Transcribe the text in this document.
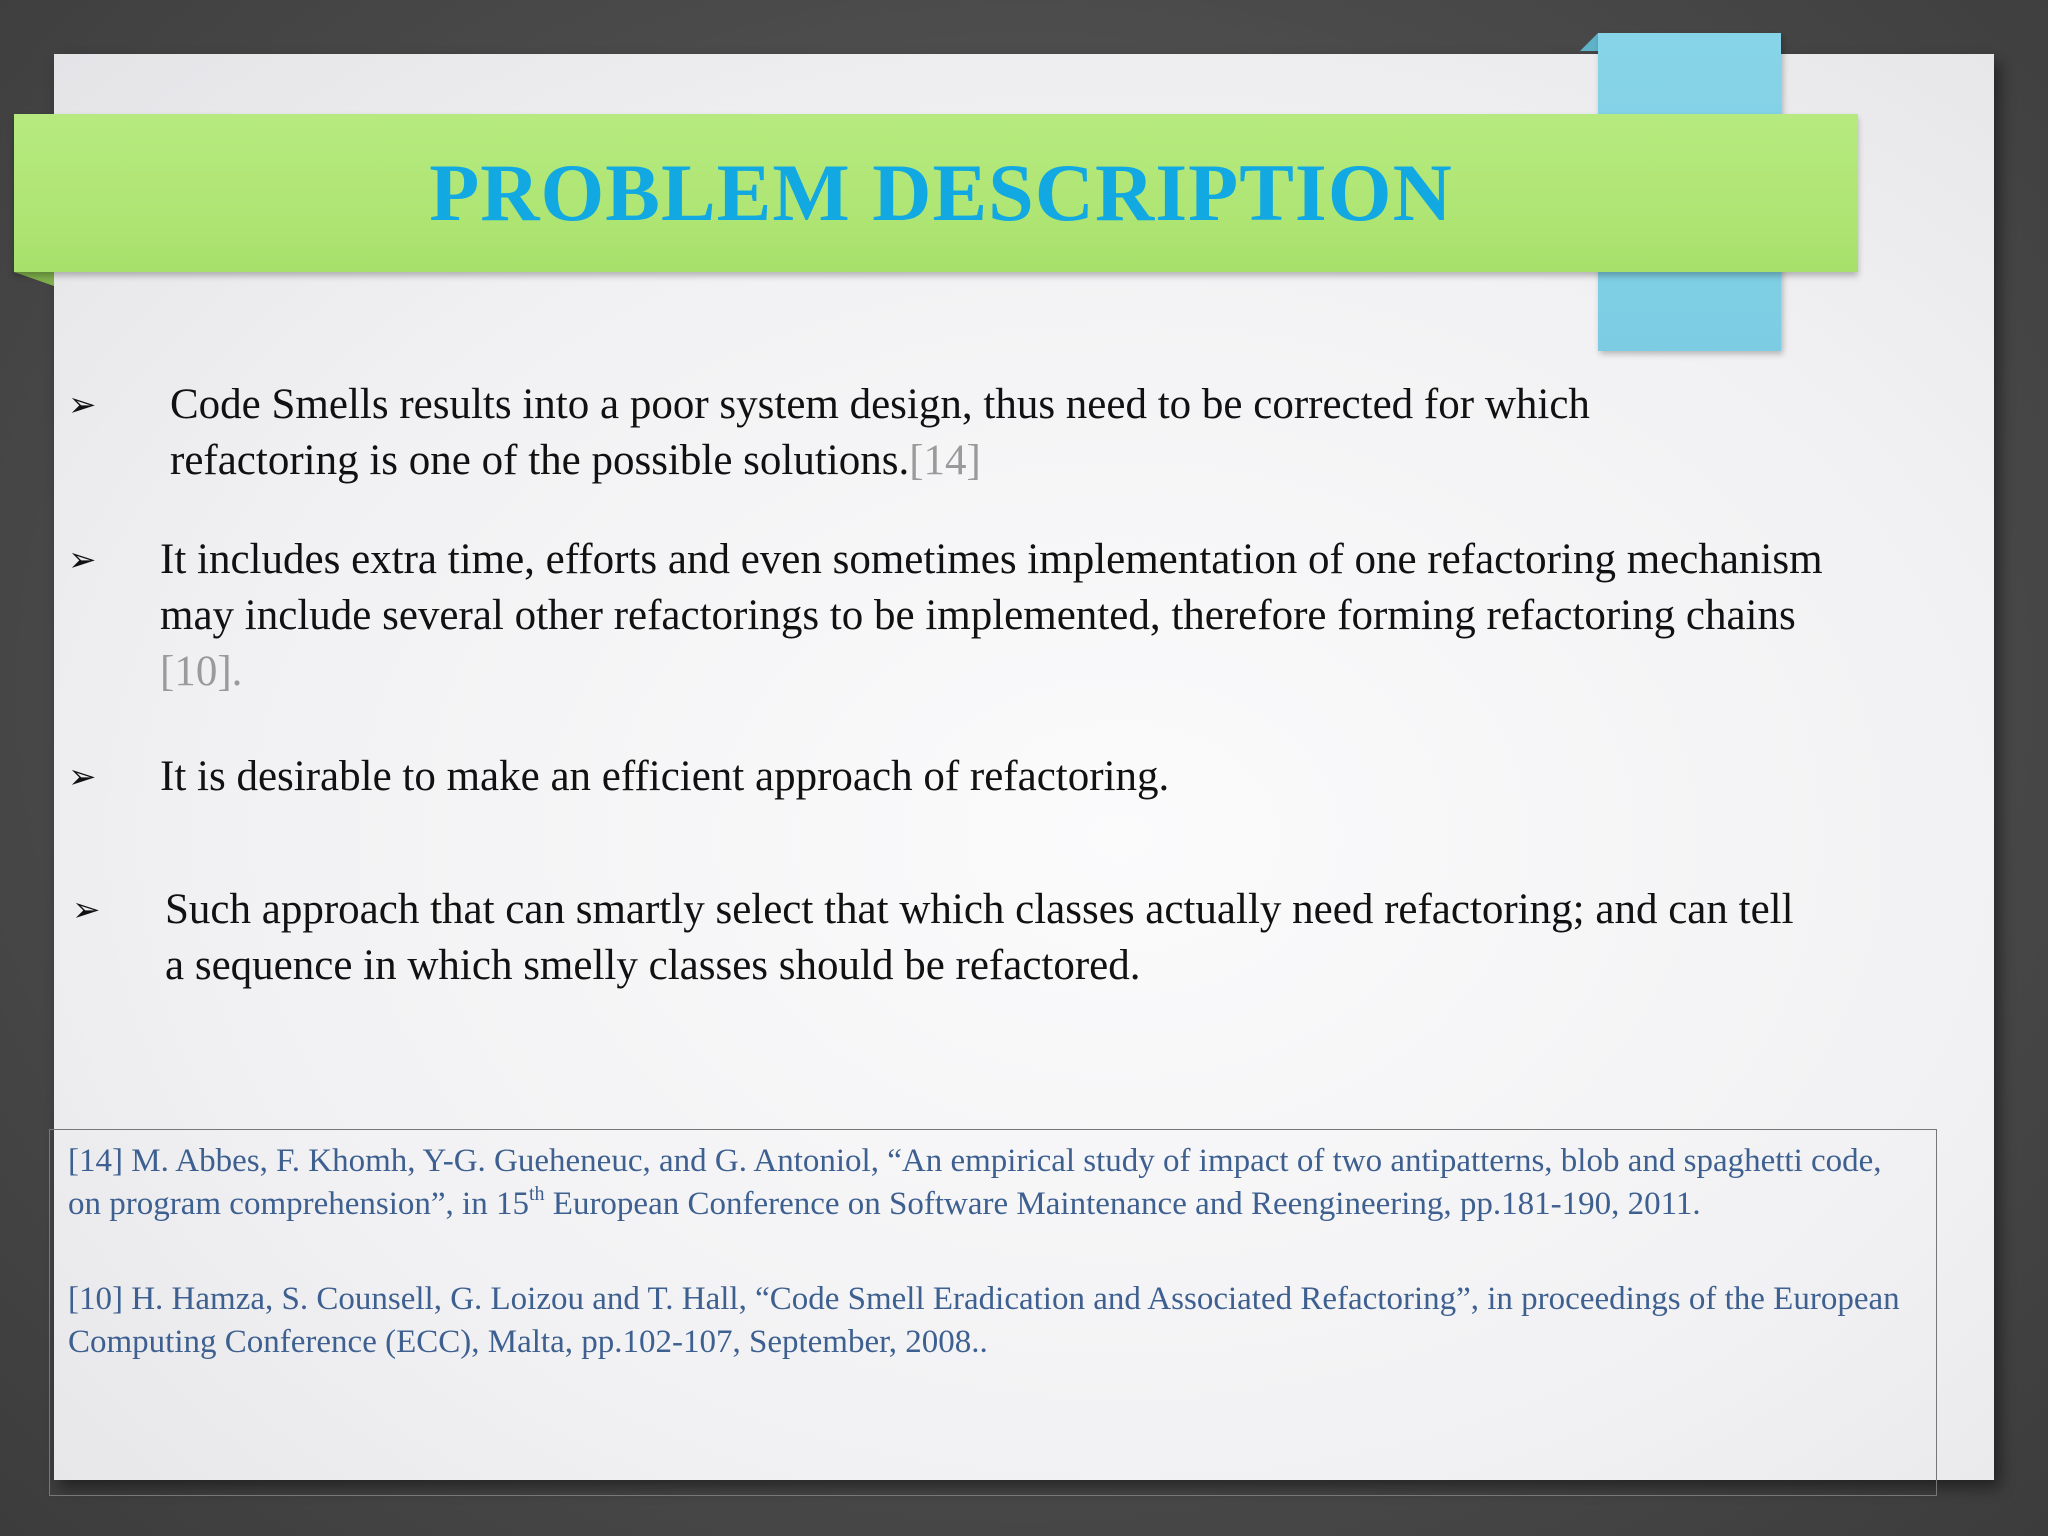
PROBLEM DESCRIPTION
➢ Code Smells results into a poor system design, thus need to be corrected for which refactoring is one of the possible solutions.[14]
➢ It includes extra time, efforts and even sometimes implementation of one refactoring mechanism may include several other refactorings to be implemented, therefore forming refactoring chains [10].
➢ It is desirable to make an efficient approach of refactoring.
➢ Such approach that can smartly select that which classes actually need refactoring; and can tell a sequence in which smelly classes should be refactored.

[14] M. Abbes, F. Khomh, Y-G. Gueheneuc, and G. Antoniol, “An empirical study of impact of two antipatterns, blob and spaghetti code, on program comprehension”, in 15th European Conference on Software Maintenance and Reengineering, pp.181-190, 2011.

[10] H. Hamza, S. Counsell, G. Loizou and T. Hall, “Code Smell Eradication and Associated Refactoring”, in proceedings of the European Computing Conference (ECC), Malta, pp.102-107, September, 2008..
